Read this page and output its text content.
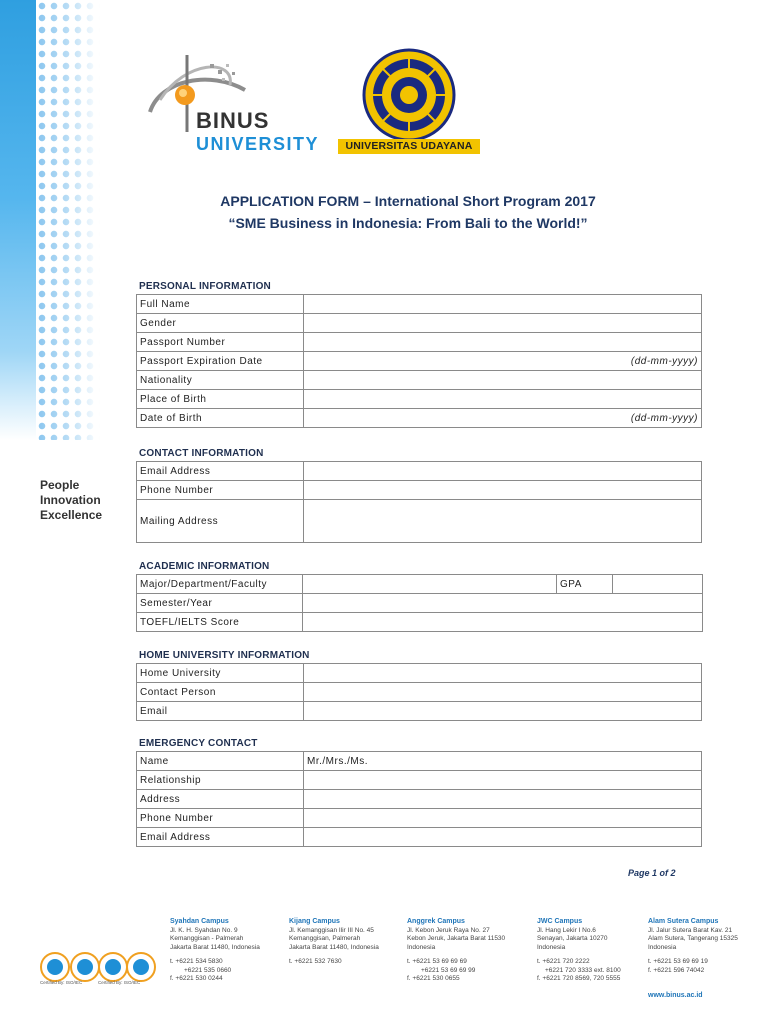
People
Innovation
Excellence
BINUS
UNIVERSITY	UNIVERSITAS UDAYANA
APPLICATION FORM – International Short Program 2017
“SME Business in Indonesia: From Bali to the World!”
PERSONAL INFORMATION
Full Name	
Gender	
Passport Number	
Passport Expiration Date	(dd-mm-yyyy)
Nationality	
Place of Birth	
Date of Birth	(dd-mm-yyyy)
CONTACT INFORMATION
Email Address	
Phone Number	
Mailing Address	
ACADEMIC INFORMATION
Major/Department/Faculty		GPA	
Semester/Year			
TOEFL/IELTS Score			
HOME UNIVERSITY INFORMATION
Home University	
Contact Person	
Email	
EMERGENCY CONTACT
Name	Mr./Mrs./Ms.
Relationship	
Address	
Phone Number	
Email Address	
Page 1 of 2
Certified By: ISO/IEC	Certified By: ISO/IEC
Syahdan Campus
Jl. K. H. Syahdan No. 9
Kemanggisan - Palmerah
Jakarta Barat 11480, Indonesia
t. +6221 534 5830
+6221 535 0660
f. +6221 530 0244
Kijang Campus
Jl. Kemanggisan Ilir III No. 45
Kemanggisan, Palmerah
Jakarta Barat 11480, Indonesia
t. +6221 532 7630
Anggrek Campus
Jl. Kebon Jeruk Raya No. 27
Kebon Jeruk, Jakarta Barat 11530
Indonesia
t. +6221 53 69 69 69
+6221 53 69 69 99
f. +6221 530 0655
JWC Campus
Jl. Hang Lekir I No.6
Senayan, Jakarta 10270
Indonesia
t. +6221 720 2222
+6221 720 3333 ext. 8100
f. +6221 720 8569, 720 5555
Alam Sutera Campus
Jl. Jalur Sutera Barat Kav. 21
Alam Sutera, Tangerang 15325
Indonesia
t. +6221 53 69 69 19
f. +6221 596 74042
www.binus.ac.id
